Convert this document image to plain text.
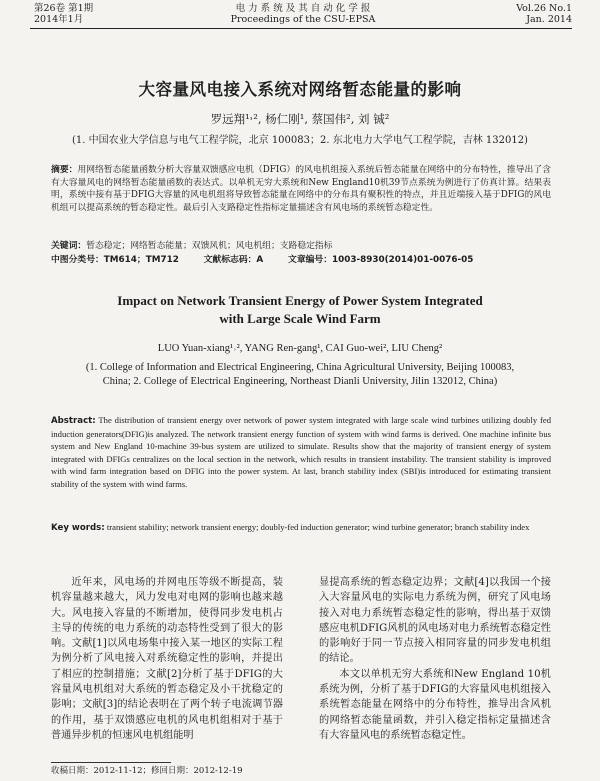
第26卷 第1期
2014年1月
电 力 系 统 及 其 自 动 化 学 报
Proceedings of the CSU-EPSA
Vol.26 No.1
Jan. 2014
大容量风电接入系统对网络暂态能量的影响
罗远翔¹˒², 杨仁刚¹, 蔡国伟², 刘 铖²
(1. 中国农业大学信息与电气工程学院，北京 100083；2. 东北电力大学电气工程学院，吉林 132012)
摘要：用网络暂态能量函数分析大容量双馈感应电机（DFIG）的风电机组接入系统后暂态能量在网络中的分布特性，推导出了含有大容量风电的网络暂态能量函数的表达式。以单机无穷大系统和New England10机39节点系统为例进行了仿真计算。结果表明，系统中接有基于DFIG大容量的风电机组将导致暂态能量在网络中的分布具有聚积性的特点，并且近端接入基于DFIG的风电机组可以提高系统的暂态稳定性。最后引入支路稳定性指标定量描述含有风电场的系统暂态稳定性。
关键词：暂态稳定；网络暂态能量；双馈风机；风电机组；支路稳定指标
中图分类号：TM614；TM712	文献标志码：A	文章编号：1003-8930(2014)01-0076-05
Impact on Network Transient Energy of Power System Integrated
with Large Scale Wind Farm
LUO Yuan-xiang¹˒², YANG Ren-gang¹, CAI Guo-wei², LIU Cheng²
(1. College of Information and Electrical Engineering, China Agricultural University, Beijing 100083, China; 2. College of Electrical Engineering, Northeast Dianli University, Jilin 132012, China)
Abstract: The distribution of transient energy over network of power system integrated with large scale wind turbines utilizing doubly fed induction generators(DFIG)is analyzed. The network transient energy function of system with wind farms is derived. One machine infinite bus system and New England 10-machine 39-bus system are utilized to simulate. Results show that the majority of transient energy of system integrated with DFIGs centralizes on the local section in the network, which results in transient instability. The transient stability is improved with wind farm integration based on DFIG into the power system. At last, branch stability index (SBI)is introduced for estimating transient stability of the system with wind farms.
Key words: transient stability; network transient energy; doubly-fed induction generator; wind turbine generator; branch stability index

近年来，风电场的并网电压等级不断提高，装机容量越来越大，风力发电对电网的影响也越来越大。风电接入容量的不断增加，使得同步发电机占主导的传统的电力系统的动态特性受到了很大的影响。文献[1]以风电场集中接入某一地区的实际工程为例分析了风电接入对系统稳定性的影响，并提出了相应的控制措施；文献[2]分析了基于DFIG的大容量风电机组对大系统的暂态稳定及小干扰稳定的影响；文献[3]的结论表明在了两个转子电流调节器的作用，基于双馈感应电机的风电机组相对于基于普通异步机的恒速风电机组能明

显提高系统的暂态稳定边界；文献[4]以我国一个接入大容量风电的实际电力系统为例，研究了风电场接入对电力系统暂态稳定性的影响，得出基于双馈感应电机DFIG风机的风电场对电力系统暂态稳定性的影响好于同一节点接入相同容量的同步发电机组的结论。

本文以单机无穷大系统和New England 10机系统为例，分析了基于DFIG的大容量风电机组接入系统暂态能量在网络中的分布特性，推导出含风机的网络暂态能量函数，并引入稳定指标定量描述含有大容量风电的系统暂态稳定性。

收稿日期：2012-11-12；修回日期：2012-12-19
